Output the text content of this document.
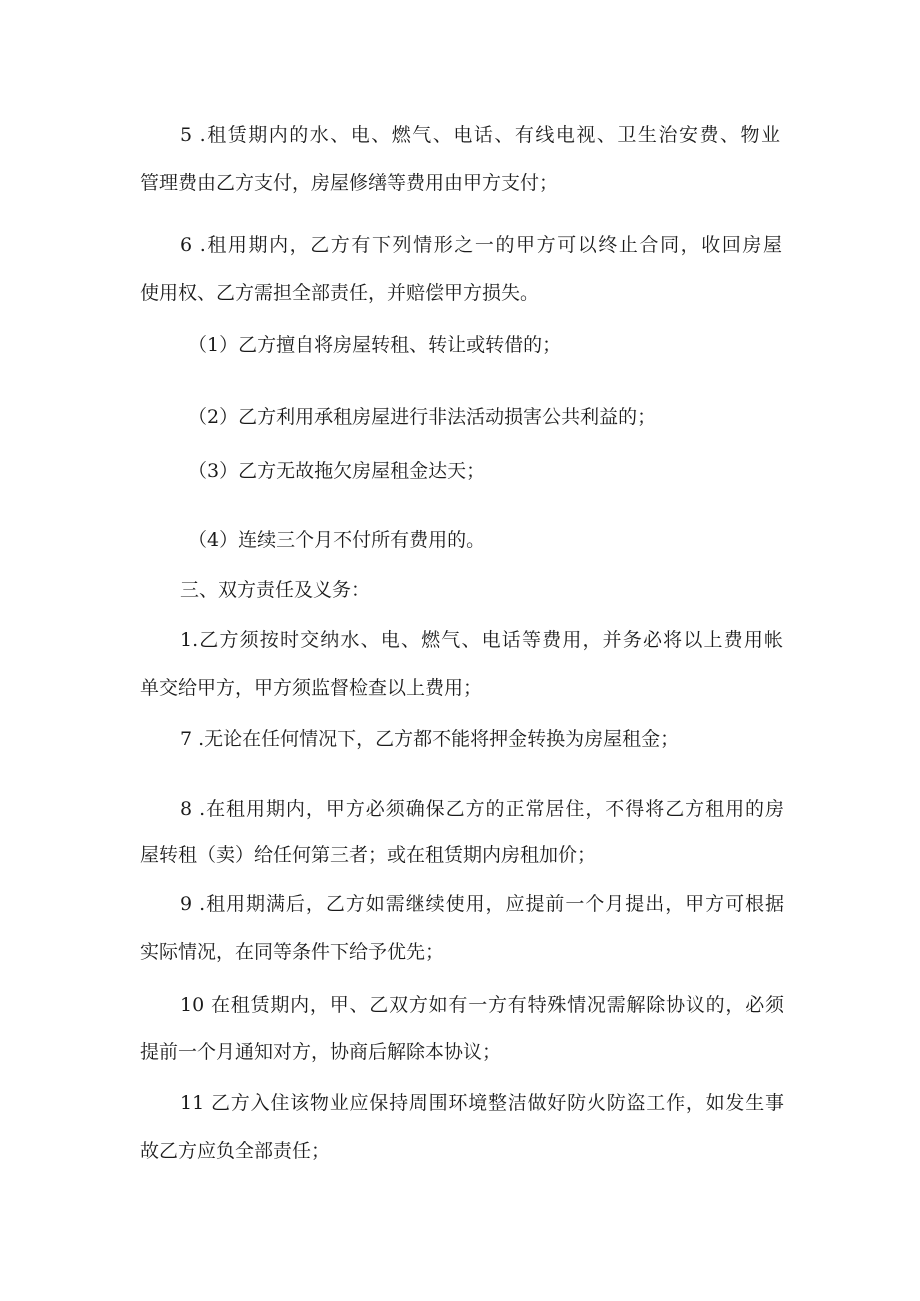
5 .租赁期内的水、电、燃气、电话、有线电视、卫生治安费、物业
管理费由乙方支付，房屋修缮等费用由甲方支付；
6 .租用期内，乙方有下列情形之一的甲方可以终止合同，收回房屋
使用权、乙方需担全部责任，并赔偿甲方损失。
（1）乙方擅自将房屋转租、转让或转借的；
（2）乙方利用承租房屋进行非法活动损害公共利益的；
（3）乙方无故拖欠房屋租金达天；
（4）连续三个月不付所有费用的。
三、双方责任及义务：
1.乙方须按时交纳水、电、燃气、电话等费用，并务必将以上费用帐
单交给甲方，甲方须监督检查以上费用；
7 .无论在任何情况下，乙方都不能将押金转换为房屋租金；
8 .在租用期内，甲方必须确保乙方的正常居住，不得将乙方租用的房
屋转租（卖）给任何第三者；或在租赁期内房租加价；
9 .租用期满后，乙方如需继续使用，应提前一个月提出，甲方可根据
实际情况，在同等条件下给予优先；
10 在租赁期内，甲、乙双方如有一方有特殊情况需解除协议的，必须
提前一个月通知对方，协商后解除本协议；
11 乙方入住该物业应保持周围环境整洁做好防火防盗工作，如发生事
故乙方应负全部责任；
